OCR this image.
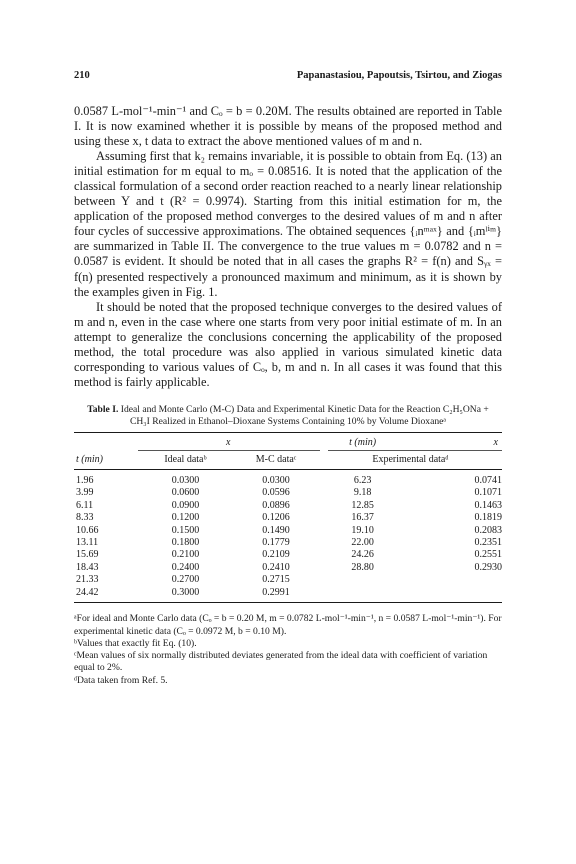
210	Papanastasiou, Papoutsis, Tsirtou, and Ziogas

0.0587 L-mol⁻¹-min⁻¹ and Cₒ = b = 0.20M. The results obtained are reported in Table I. It is now examined whether it is possible by means of the proposed method and using these x, t data to extract the above mentioned values of m and n.

Assuming first that k₂ remains invariable, it is possible to obtain from Eq. (13) an initial estimation for m equal to mₒ = 0.08516. It is noted that the application of the classical formulation of a second order reaction reached to a nearly linear relationship between Y and t (R² = 0.9974). Starting from this initial estimation for m, the application of the proposed method converges to the desired values of m and n after four cycles of successive approximations. The obtained sequences {ᵢnᵐᵃˣ} and {ᵢmˡⁱᵐ} are summarized in Table II. The convergence to the true values m = 0.0782 and n = 0.0587 is evident. It should be noted that in all cases the graphs R² = f(n) and Sᵧₓ = f(n) presented respectively a pronounced maximum and minimum, as it is shown by the examples given in Fig. 1.

It should be noted that the proposed technique converges to the desired values of m and n, even in the case where one starts from very poor initial estimate of m. In an attempt to generalize the conclusions concerning the applicability of the proposed method, the total procedure was also applied in various simulated kinetic data corresponding to various values of Cₒ, b, m and n. In all cases it was found that this method is fairly applicable.

Table I. Ideal and Monte Carlo (M-C) Data and Experimental Kinetic Data for the Reaction C₂H₅ONa + CH₃I Realized in Ethanol–Dioxane Systems Containing 10% by Volume Dioxaneᵃ
x	t (min)	x
t (min)	Ideal dataᵇ	M-C dataᶜ	Experimental dataᵈ
1.96	0.0300	0.0300	6.23	0.0741
3.99	0.0600	0.0596	9.18	0.1071
6.11	0.0900	0.0896	12.85	0.1463
8.33	0.1200	0.1206	16.37	0.1819
10.66	0.1500	0.1490	19.10	0.2083
13.11	0.1800	0.1779	22.00	0.2351
15.69	0.2100	0.2109	24.26	0.2551
18.43	0.2400	0.2410	28.80	0.2930
21.33	0.2700	0.2715
24.42	0.3000	0.2991

ᵃFor ideal and Monte Carlo data (Cₒ = b = 0.20 M, m = 0.0782 L-mol⁻¹-min⁻¹, n = 0.0587 L-mol⁻¹-min⁻¹). For experimental kinetic data (Cₒ = 0.0972 M, b = 0.10 M).

ᵇValues that exactly fit Eq. (10).

ᶜMean values of six normally distributed deviates generated from the ideal data with coefficient of variation equal to 2%.

ᵈData taken from Ref. 5.
